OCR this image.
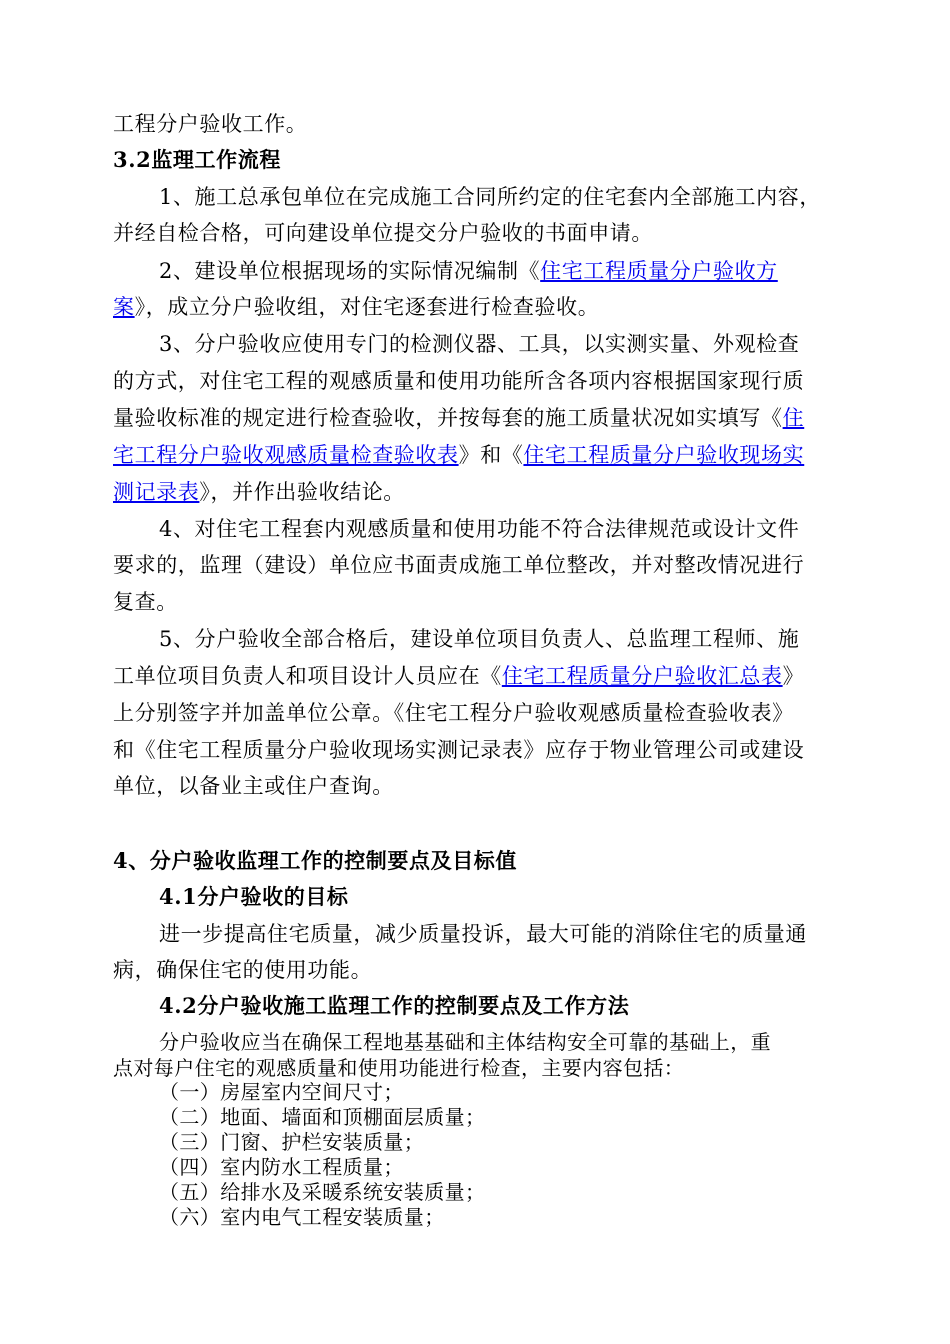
工程分户验收工作。
3.2监理工作流程
1、施工总承包单位在完成施工合同所约定的住宅套内全部施工内容，
并经自检合格，可向建设单位提交分户验收的书面申请。
2、建设单位根据现场的实际情况编制《住宅工程质量分户验收方
案》，成立分户验收组，对住宅逐套进行检查验收。
3、分户验收应使用专门的检测仪器、工具，以实测实量、外观检查
的方式，对住宅工程的观感质量和使用功能所含各项内容根据国家现行质
量验收标准的规定进行检查验收，并按每套的施工质量状况如实填写《住
宅工程分户验收观感质量检查验收表》和《住宅工程质量分户验收现场实
测记录表》，并作出验收结论。
4、对住宅工程套内观感质量和使用功能不符合法律规范或设计文件
要求的，监理（建设）单位应书面责成施工单位整改，并对整改情况进行
复查。
5、分户验收全部合格后，建设单位项目负责人、总监理工程师、施
工单位项目负责人和项目设计人员应在《住宅工程质量分户验收汇总表》
上分别签字并加盖单位公章。《住宅工程分户验收观感质量检查验收表》
和《住宅工程质量分户验收现场实测记录表》应存于物业管理公司或建设
单位，以备业主或住户查询。
4、分户验收监理工作的控制要点及目标值
4.1分户验收的目标
进一步提高住宅质量，减少质量投诉，最大可能的消除住宅的质量通
病，确保住宅的使用功能。
4.2分户验收施工监理工作的控制要点及工作方法
分户验收应当在确保工程地基基础和主体结构安全可靠的基础上，重
点对每户住宅的观感质量和使用功能进行检查，主要内容包括：
（一）房屋室内空间尺寸；
（二）地面、墙面和顶棚面层质量；
（三）门窗、护栏安装质量；
（四）室内防水工程质量；
（五）给排水及采暖系统安装质量；
（六）室内电气工程安装质量；
